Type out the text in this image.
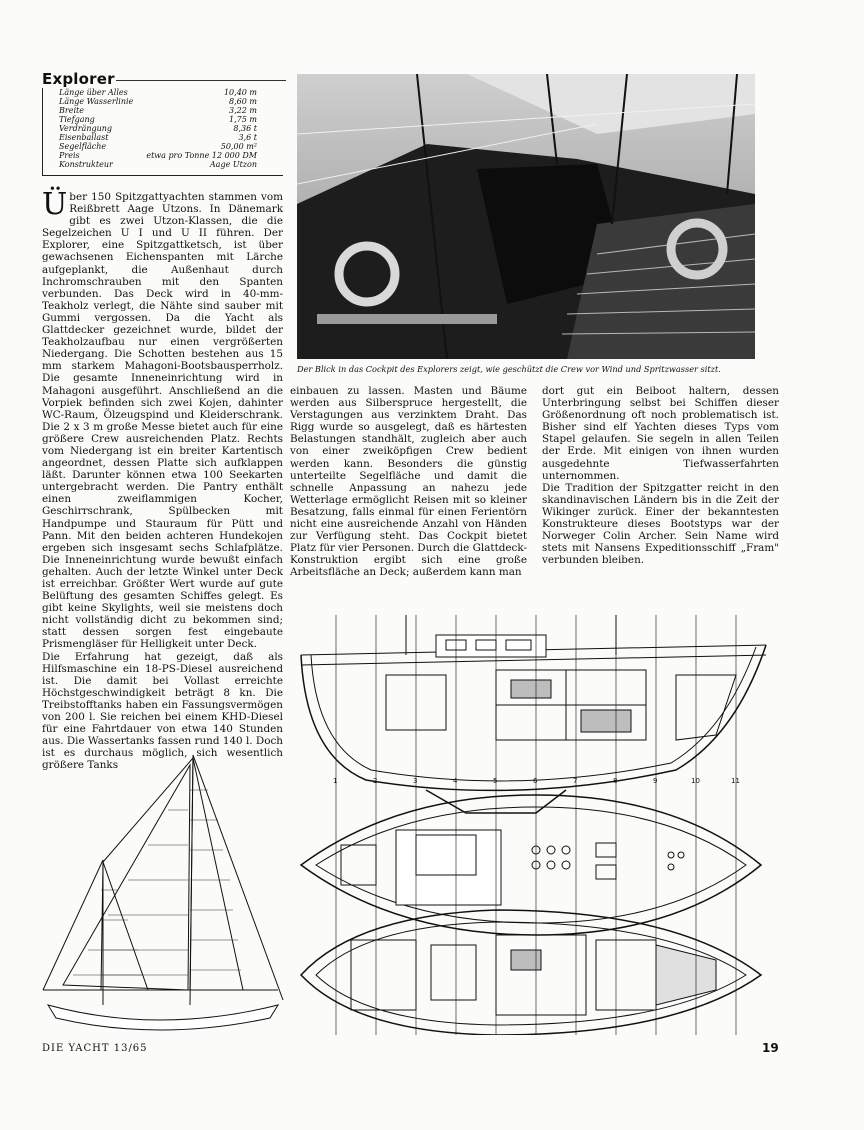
Explorer
Länge über Alles	10,40 m
Länge Wasserlinie	8,60 m
Breite	3,22 m
Tiefgang	1,75 m
Verdrängung	8,36 t
Eisenballast	3,6 t
Segelfläche	50,00 m²
Preis	etwa pro Tonne 12 000 DM
Konstrukteur	Aage Utzon

Über 150 Spitzgattyachten stammen vom Reißbrett Aage Utzons. In Dänemark gibt es zwei Utzon-Klassen, die die Segelzeichen U I und U II führen. Der Explorer, eine Spitzgattketsch, ist über gewachsenen Eichenspanten mit Lärche aufgeplankt, die Außenhaut durch Inchromschrauben mit den Spanten verbunden. Das Deck wird in 40-mm-Teakholz verlegt, die Nähte sind sauber mit Gummi vergossen. Da die Yacht als Glattdecker gezeichnet wurde, bildet der Teakholzaufbau nur einen vergrößerten Niedergang. Die Schotten bestehen aus 15 mm starkem Mahagoni-Bootsbausperrholz. Die gesamte Inneneinrichtung wird in Mahagoni ausgeführt. Anschließend an die Vorpiek befinden sich zwei Kojen, dahinter WC-Raum, Ölzeugspind und Kleiderschrank. Die 2 x 3 m große Messe bietet auch für eine größere Crew ausreichenden Platz. Rechts vom Niedergang ist ein breiter Kartentisch angeordnet, dessen Platte sich aufklappen läßt. Darunter können etwa 100 Seekarten untergebracht werden. Die Pantry enthält einen zweiflammigen Kocher, Geschirrschrank, Spülbecken mit Handpumpe und Stauraum für Pütt und Pann. Mit den beiden achteren Hundekojen ergeben sich insgesamt sechs Schlafplätze. Die Inneneinrichtung wurde bewußt einfach gehalten. Auch der letzte Winkel unter Deck ist erreichbar. Größter Wert wurde auf gute Belüftung des gesamten Schiffes gelegt. Es gibt keine Skylights, weil sie meistens doch nicht vollständig dicht zu bekommen sind; statt dessen sorgen fest eingebaute Prismengläser für Helligkeit unter Deck.

Die Erfahrung hat gezeigt, daß als Hilfsmaschine ein 18-PS-Diesel ausreichend ist. Die damit bei Vollast erreichte Höchstgeschwindigkeit beträgt 8 kn. Die Treibstofftanks haben ein Fassungsvermögen von 200 l. Sie reichen bei einem KHD-Diesel für eine Fahrtdauer von etwa 140 Stunden aus. Die Wassertanks fassen rund 140 l. Doch ist es durchaus möglich, sich wesentlich größere Tanks

Der Blick in das Cockpit des Explorers zeigt, wie geschützt die Crew vor Wind und Spritzwasser sitzt.

einbauen zu lassen. Masten und Bäume werden aus Silberspruce hergestellt, die Verstagungen aus verzinktem Draht. Das Rigg wurde so ausgelegt, daß es härtesten Belastungen standhält, zugleich aber auch von einer zweiköpfigen Crew bedient werden kann. Besonders die günstig unterteilte Segelfläche und damit die schnelle Anpassung an nahezu jede Wetterlage ermöglicht Reisen mit so kleiner Besatzung, falls einmal für einen Ferientörn nicht eine ausreichende Anzahl von Händen zur Verfügung steht. Das Cockpit bietet Platz für vier Personen. Durch die Glattdeck-Konstruktion ergibt sich eine große Arbeitsfläche an Deck; außerdem kann man

dort gut ein Beiboot haltern, dessen Unterbringung selbst bei Schiffen dieser Größenordnung oft noch problematisch ist. Bisher sind elf Yachten dieses Typs vom Stapel gelaufen. Sie segeln in allen Teilen der Erde. Mit einigen von ihnen wurden ausgedehnte Tiefwasserfahrten unternommen.

Die Tradition der Spitzgatter reicht in den skandinavischen Ländern bis in die Zeit der Wikinger zurück. Einer der bekanntesten Konstrukteure dieses Bootstyps war der Norweger Colin Archer. Sein Name wird stets mit Nansens Expeditionsschiff „Fram" verbunden bleiben.

1	2	3	4	5	6	7	8	9	10	11
DIE YACHT 13/65	19
